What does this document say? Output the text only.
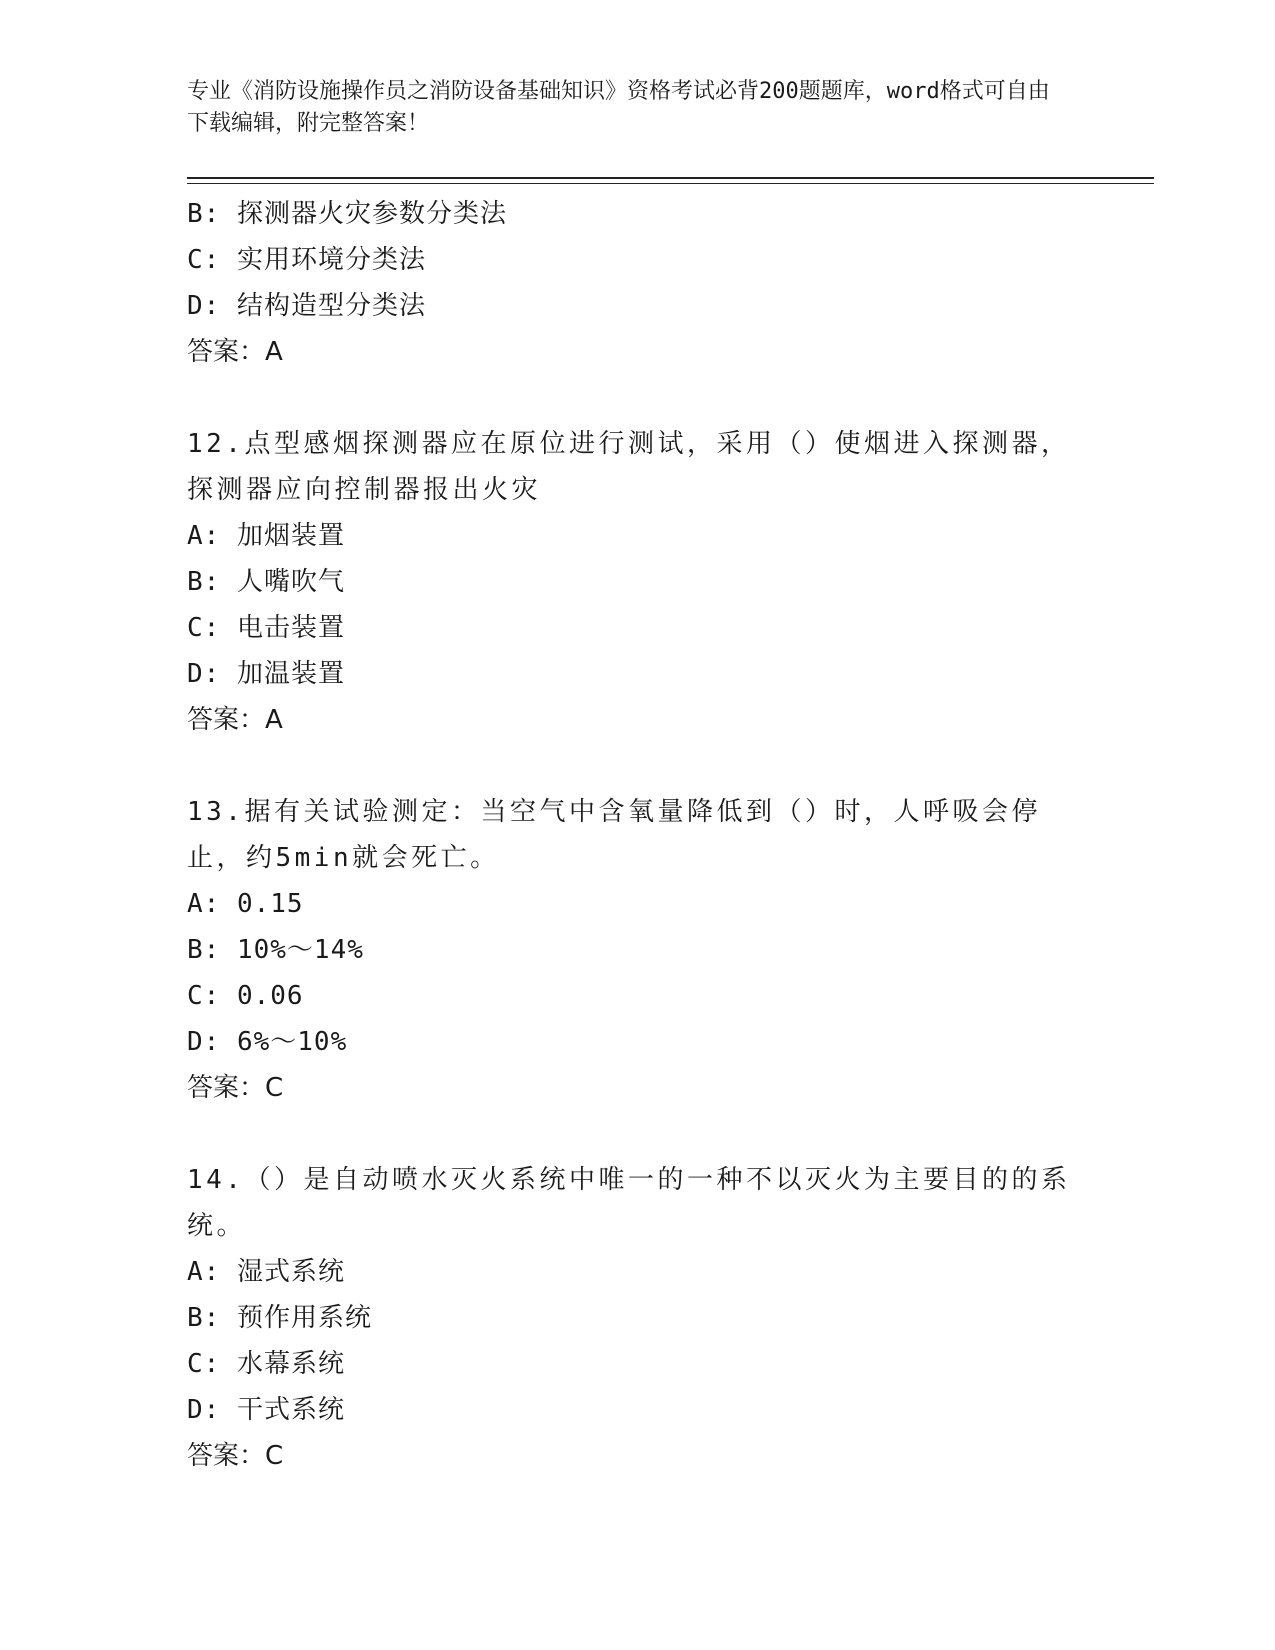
专业《消防设施操作员之消防设备基础知识》资格考试必背200题题库，word格式可自由下载编辑，附完整答案！
B: 探测器火灾参数分类法
C: 实用环境分类法
D: 结构造型分类法
答案：A
12.点型感烟探测器应在原位进行测试，采用（）使烟进入探测器，探测器应向控制器报出火灾
A: 加烟装置
B: 人嘴吹气
C: 电击装置
D: 加温装置
答案：A
13.据有关试验测定：当空气中含氧量降低到（）时，人呼吸会停止，约5min就会死亡。
A: 0.15
B: 10%～14%
C: 0.06
D: 6%～10%
答案：C
14.（）是自动喷水灭火系统中唯一的一种不以灭火为主要目的的系统。
A: 湿式系统
B: 预作用系统
C: 水幕系统
D: 干式系统
答案：C
